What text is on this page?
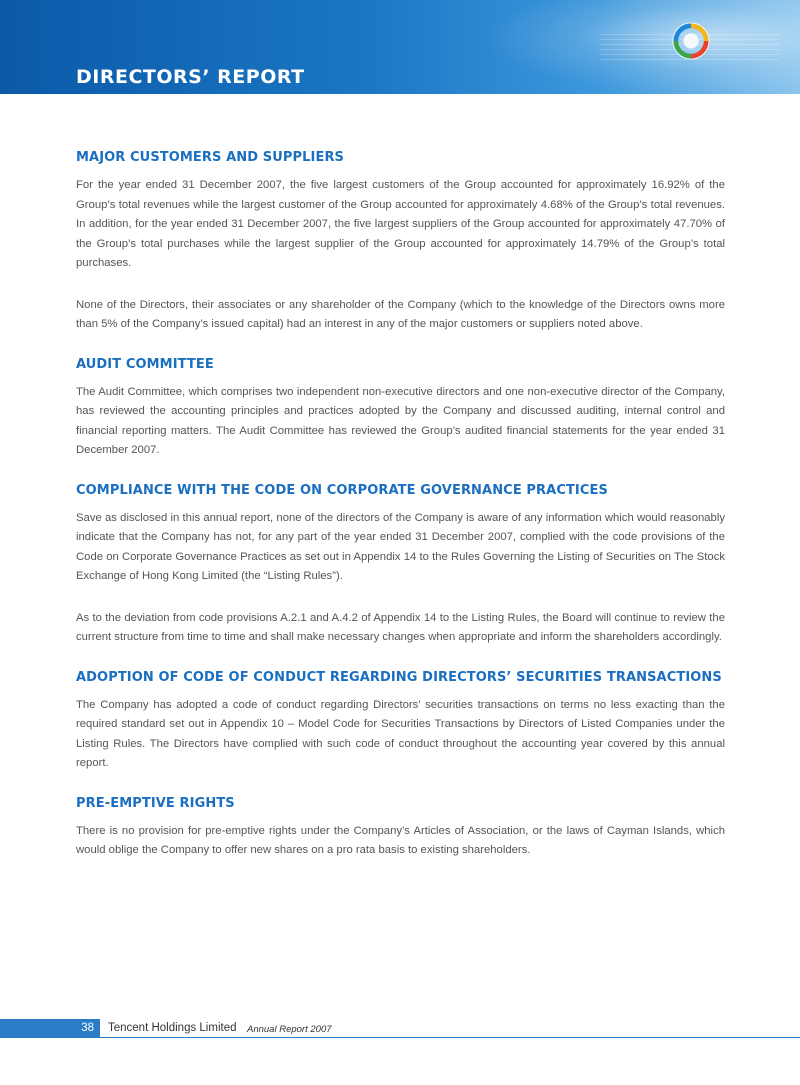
DIRECTORS’ REPORT
MAJOR CUSTOMERS AND SUPPLIERS

For the year ended 31 December 2007, the five largest customers of the Group accounted for approximately 16.92% of the Group’s total revenues while the largest customer of the Group accounted for approximately 4.68% of the Group’s total revenues. In addition, for the year ended 31 December 2007, the five largest suppliers of the Group accounted for approximately 47.70% of the Group’s total purchases while the largest supplier of the Group accounted for approximately 14.79% of the Group’s total purchases.

None of the Directors, their associates or any shareholder of the Company (which to the knowledge of the Directors owns more than 5% of the Company’s issued capital) had an interest in any of the major customers or suppliers noted above.

AUDIT COMMITTEE

The Audit Committee, which comprises two independent non-executive directors and one non-executive director of the Company, has reviewed the accounting principles and practices adopted by the Company and discussed auditing, internal control and financial reporting matters. The Audit Committee has reviewed the Group’s audited financial statements for the year ended 31 December 2007.

COMPLIANCE WITH THE CODE ON CORPORATE GOVERNANCE PRACTICES

Save as disclosed in this annual report, none of the directors of the Company is aware of any information which would reasonably indicate that the Company has not, for any part of the year ended 31 December 2007, complied with the code provisions of the Code on Corporate Governance Practices as set out in Appendix 14 to the Rules Governing the Listing of Securities on The Stock Exchange of Hong Kong Limited (the “Listing Rules”).

As to the deviation from code provisions A.2.1 and A.4.2 of Appendix 14 to the Listing Rules, the Board will continue to review the current structure from time to time and shall make necessary changes when appropriate and inform the shareholders accordingly.

ADOPTION OF CODE OF CONDUCT REGARDING DIRECTORS’ SECURITIES TRANSACTIONS

The Company has adopted a code of conduct regarding Directors’ securities transactions on terms no less exacting than the required standard set out in Appendix 10 – Model Code for Securities Transactions by Directors of Listed Companies under the Listing Rules. The Directors have complied with such code of conduct throughout the accounting year covered by this annual report.

PRE-EMPTIVE RIGHTS

There is no provision for pre-emptive rights under the Company’s Articles of Association, or the laws of Cayman Islands, which would oblige the Company to offer new shares on a pro rata basis to existing shareholders.

38	Tencent Holdings Limited Annual Report 2007
